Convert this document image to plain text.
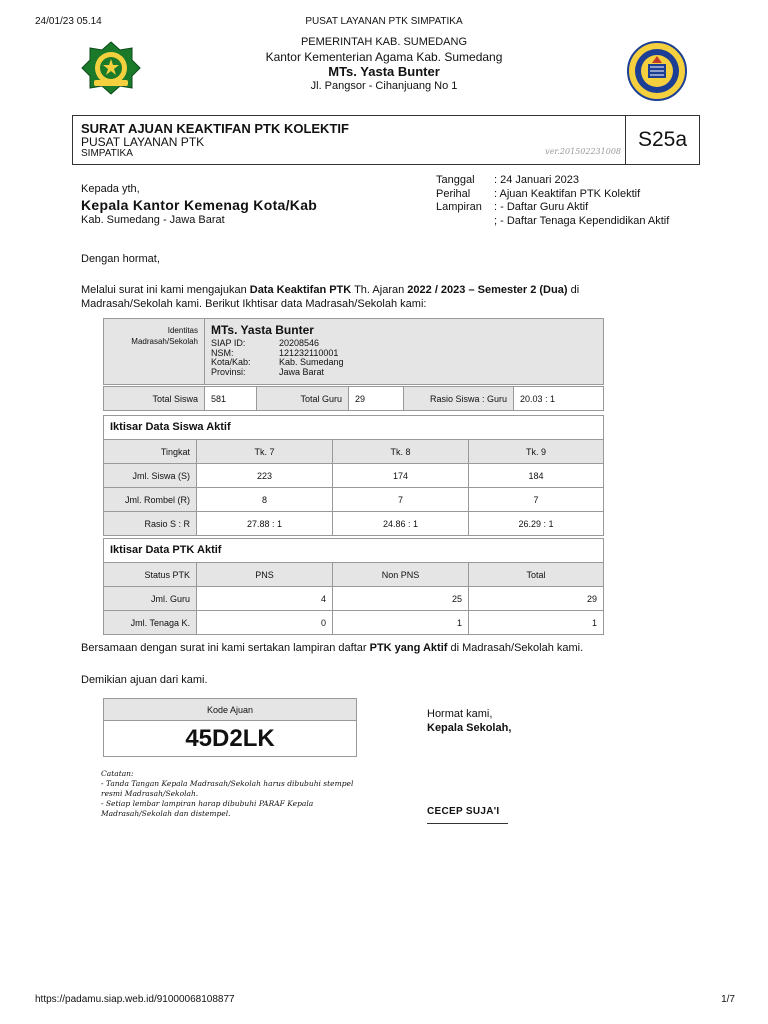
24/01/23 05.14	PUSAT LAYANAN PTK SIMPATIKA
PEMERINTAH KAB. SUMEDANG
Kantor Kementerian Agama Kab. Sumedang
MTs. Yasta Bunter
Jl. Pangsor - Cihanjuang No 1
SURAT AJUAN KEAKTIFAN PTK KOLEKTIF
PUSAT LAYANAN PTK
SIMPATIKA	ver.201502231008
S25a
Tanggal	: 24 Januari 2023
Perihal	: Ajuan Keaktifan PTK Kolektif
Lampiran	: - Daftar Guru Aktif
; - Daftar Tenaga Kependidikan Aktif
Kepada yth,
Kepala Kantor Kemenag Kota/Kab
Kab. Sumedang - Jawa Barat
Dengan hormat,
Melalui surat ini kami mengajukan Data Keaktifan PTK Th. Ajaran 2022 / 2023 – Semester 2 (Dua) di Madrasah/Sekolah kami. Berikut Ikhtisar data Madrasah/Sekolah kami:
Identitas
Madrasah/Sekolah

MTs. Yasta Bunter
SIAP ID:	20208546
NSM:	121232110001
Kota/Kab:	Kab. Sumedang
Provinsi:	Jawa Barat
Total Siswa	581	Total Guru	29	Rasio Siswa : Guru	20.03 : 1
Iktisar Data Siswa Aktif
Tingkat	Tk. 7	Tk. 8	Tk. 9
Jml. Siswa (S)	223	174	184
Jml. Rombel (R)	8	7	7
Rasio S : R	27.88 : 1	24.86 : 1	26.29 : 1
Iktisar Data PTK Aktif
Status PTK	PNS	Non PNS	Total
Jml. Guru	4	25	29
Jml. Tenaga K.	0	1	1
Bersamaan dengan surat ini kami sertakan lampiran daftar PTK yang Aktif di Madrasah/Sekolah kami.
Demikian ajuan dari kami.
Kode Ajuan
45D2LK
Catatan:
- Tanda Tangan Kepala Madrasah/Sekolah harus dibubuhi stempel resmi Madrasah/Sekolah.
- Setiap lembar lampiran harap dibubuhi PARAF Kepala Madrasah/Sekolah dan distempel.
Hormat kami,
Kepala Sekolah,
CECEP SUJA'I
https://padamu.siap.web.id/91000068108877	1/7
